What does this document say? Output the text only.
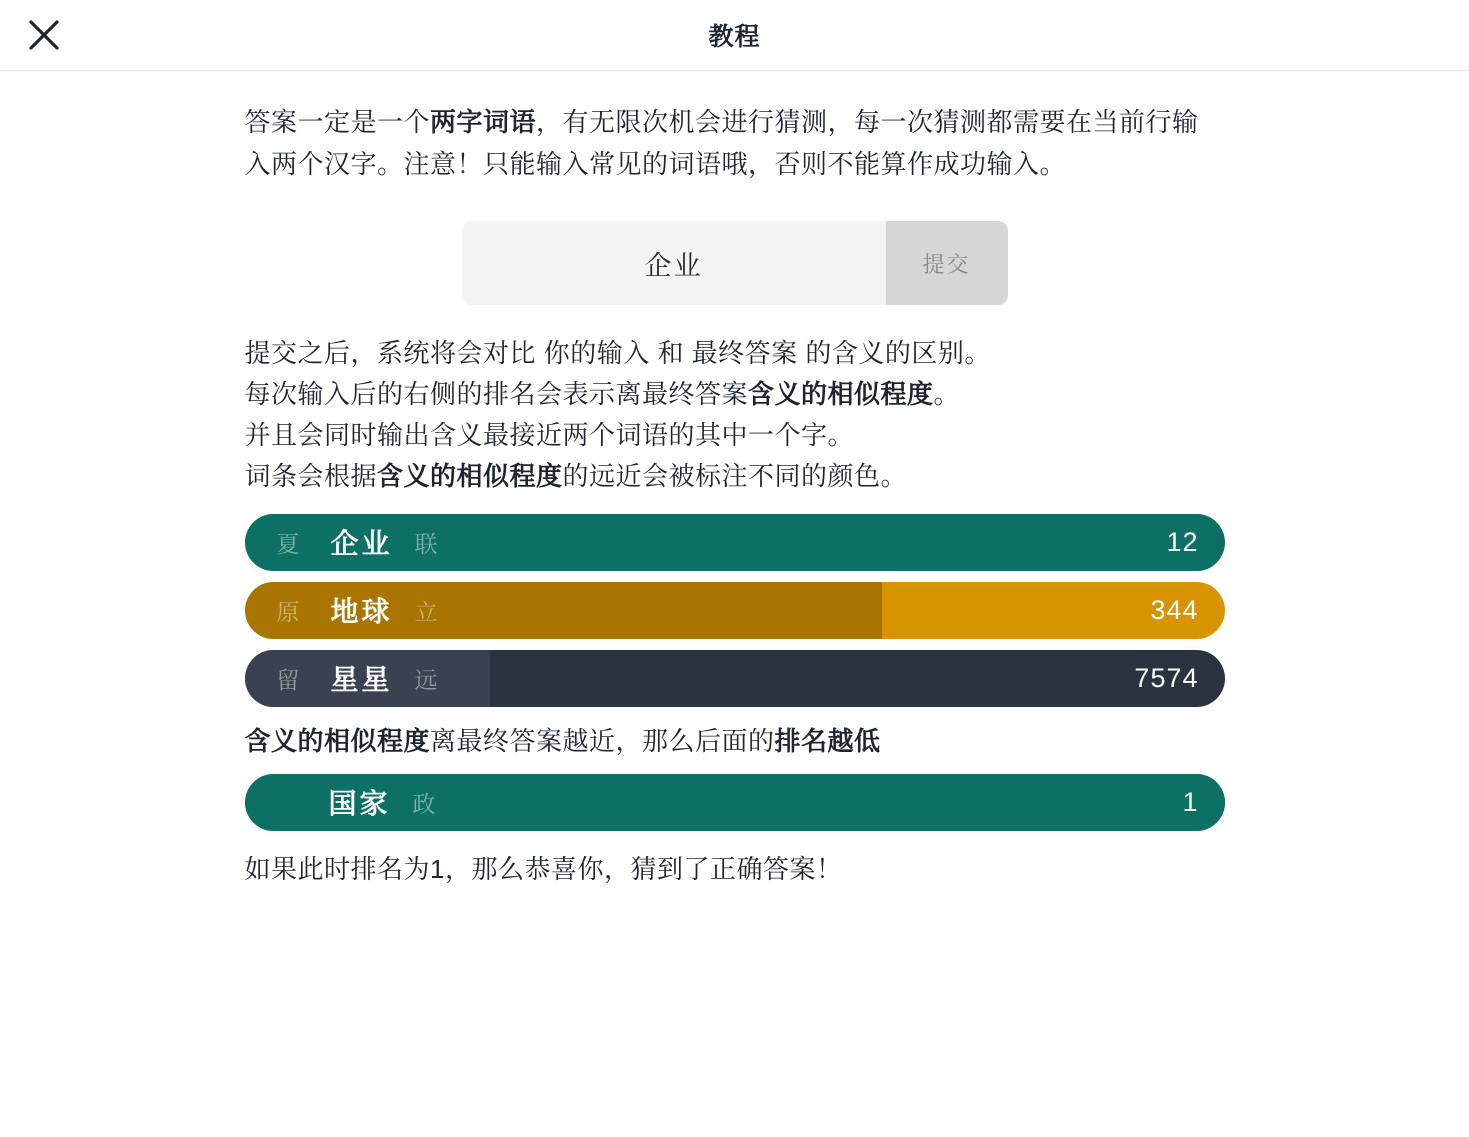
教程

答案一定是一个两字词语，有无限次机会进行猜测，每一次猜测都需要在当前行输入两个汉字。注意！只能输入常见的词语哦，否则不能算作成功输入。

企业	提交
提交之后，系统将会对比 你的输入 和 最终答案 的含义的区别。
每次输入后的右侧的排名会表示离最终答案含义的相似程度。
并且会同时输出含义最接近两个词语的其中一个字。
词条会根据含义的相似程度的远近会被标注不同的颜色。
夏	企业 联	12
原	地球 立	344
留	星星 远	7574
含义的相似程度离最终答案越近，那么后面的排名越低
国家 政	1
如果此时排名为1，那么恭喜你，猜到了正确答案！
